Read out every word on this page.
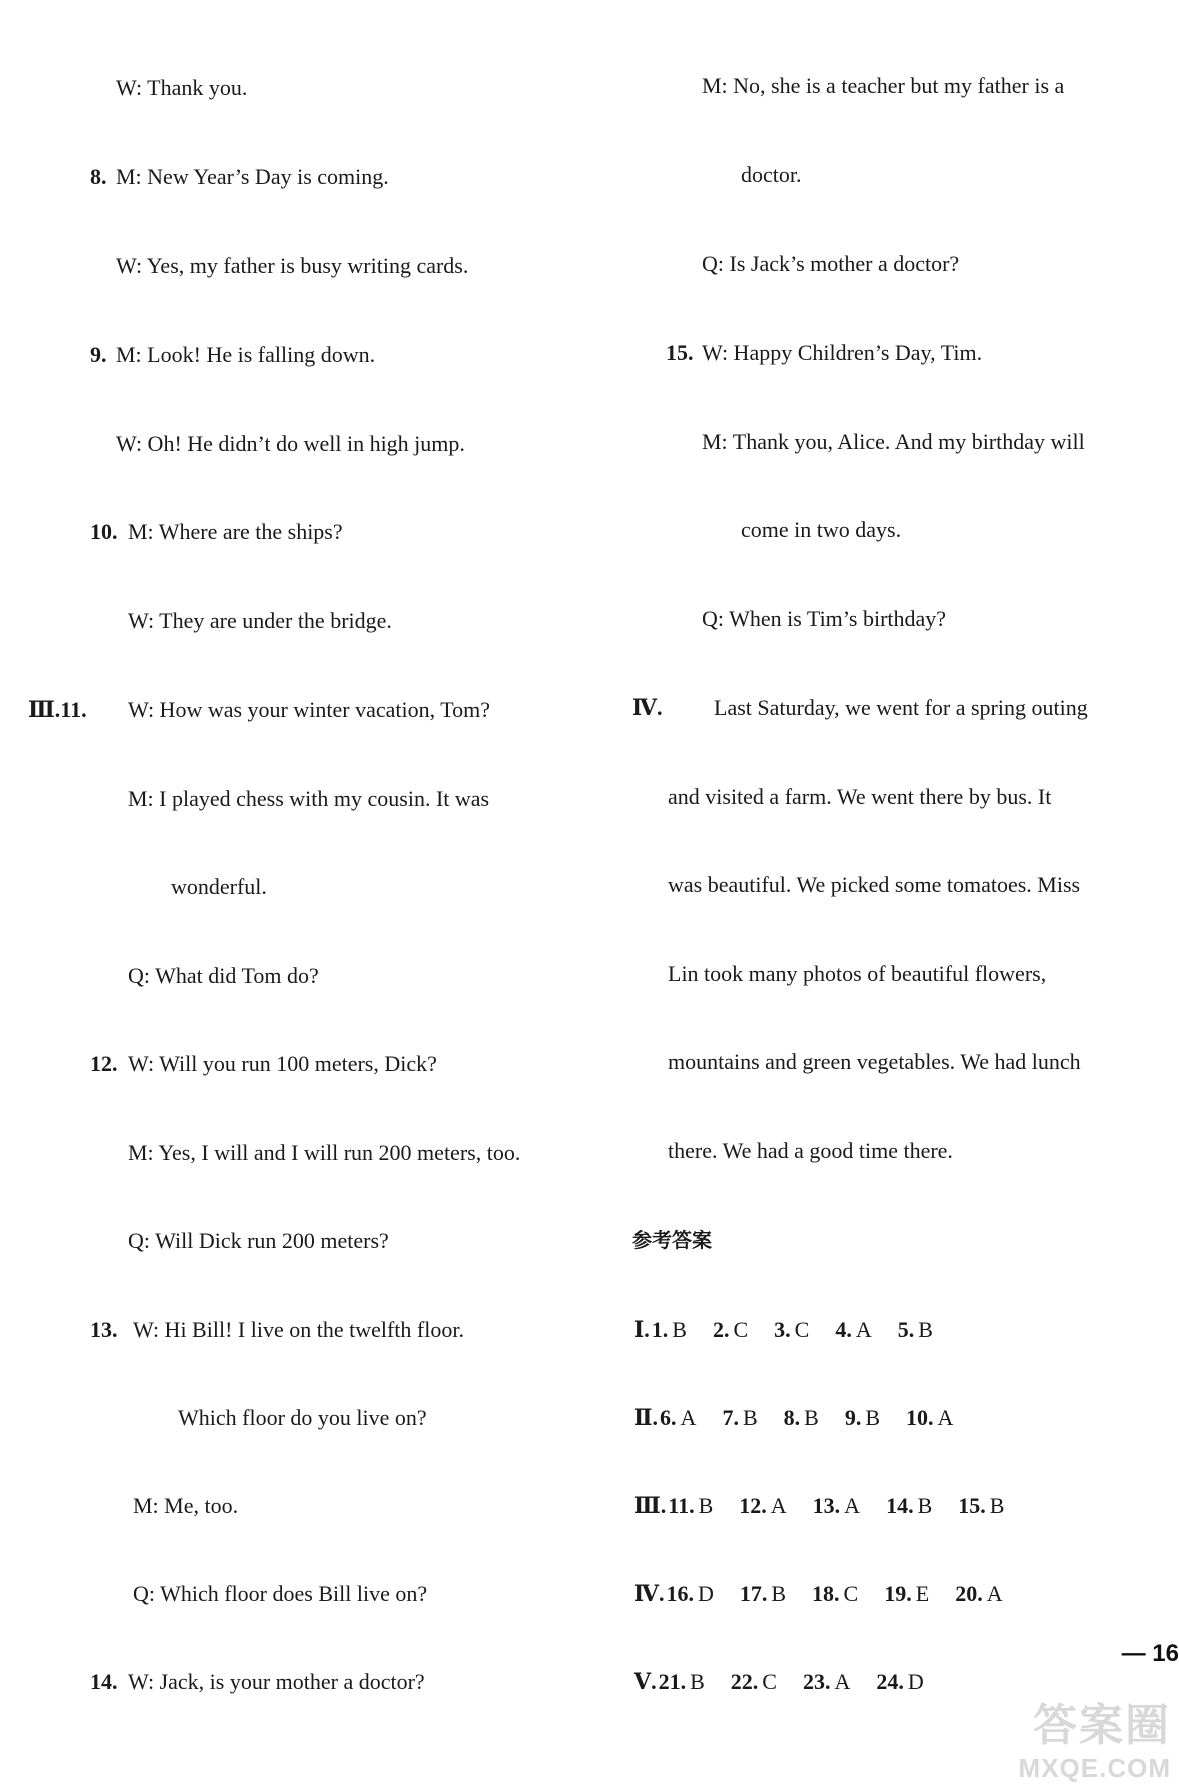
W: Thank you.
8. M: New Year’s Day is coming.
W: Yes, my father is busy writing cards.
9. M: Look! He is falling down.
W: Oh! He didn’t do well in high jump.
10. M: Where are the ships?
W: They are under the bridge.
Ⅲ.11. W: How was your winter vacation, Tom?
M: I played chess with my cousin. It was
wonderful.
Q: What did Tom do?
12. W: Will you run 100 meters, Dick?
M: Yes, I will and I will run 200 meters, too.
Q: Will Dick run 200 meters?
13. W: Hi Bill! I live on the twelfth floor.
Which floor do you live on?
M: Me, too.
Q: Which floor does Bill live on?
14. W: Jack, is your mother a doctor?
M: No, she is a teacher but my father is a
doctor.
Q: Is Jack’s mother a doctor?
15. W: Happy Children’s Day, Tim.
M: Thank you, Alice. And my birthday will
come in two days.
Q: When is Tim’s birthday?
Ⅳ. Last Saturday, we went for a spring outing
and visited a farm. We went there by bus. It
was beautiful. We picked some tomatoes. Miss
Lin took many photos of beautiful flowers,
mountains and green vegetables. We had lunch
there. We had a good time there.
参考答案
Ⅰ.1. B 2. C 3. C 4. A 5. B
Ⅱ.6. A 7. B 8. B 9. B 10. A
Ⅲ.11. B 12. A 13. A 14. B 15. B
Ⅳ.16. D 17. B 18. C 19. E 20. A
Ⅴ.21. B 22. C 23. A 24. D
— 16
答案圈
MXQE.COM
